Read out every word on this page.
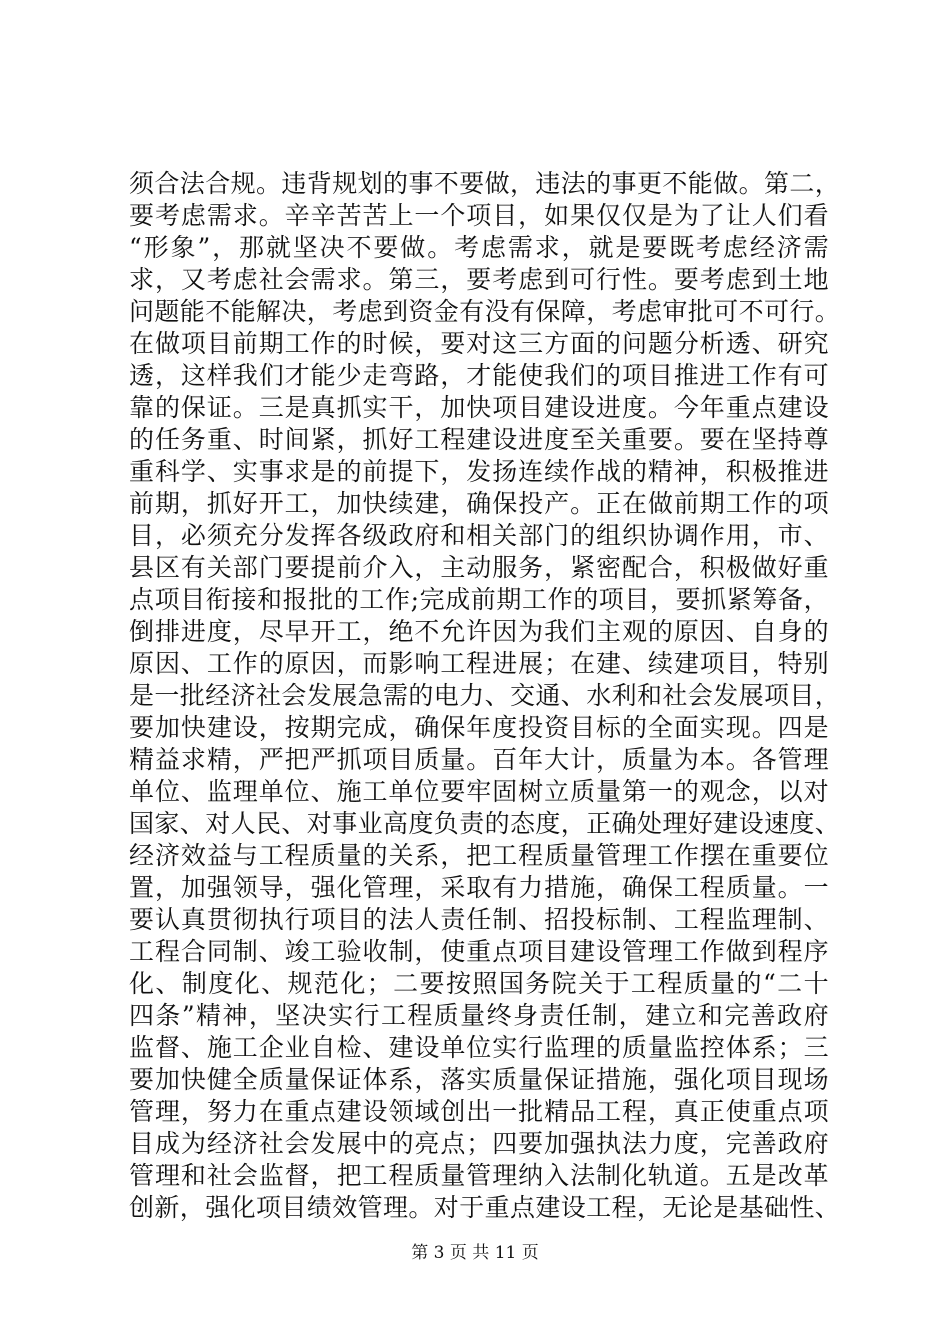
须合法合规。违背规划的事不要做，违法的事更不能做。第二，
要考虑需求。辛辛苦苦上一个项目，如果仅仅是为了让人们看
“形象”，那就坚决不要做。考虑需求，就是要既考虑经济需
求，又考虑社会需求。第三，要考虑到可行性。要考虑到土地
问题能不能解决，考虑到资金有没有保障，考虑审批可不可行。
在做项目前期工作的时候，要对这三方面的问题分析透、研究
透，这样我们才能少走弯路，才能使我们的项目推进工作有可
靠的保证。三是真抓实干，加快项目建设进度。今年重点建设
的任务重、时间紧，抓好工程建设进度至关重要。要在坚持尊
重科学、实事求是的前提下，发扬连续作战的精神，积极推进
前期，抓好开工，加快续建，确保投产。正在做前期工作的项
目，必须充分发挥各级政府和相关部门的组织协调作用，市、
县区有关部门要提前介入，主动服务，紧密配合，积极做好重
点项目衔接和报批的工作;完成前期工作的项目，要抓紧筹备，
倒排进度，尽早开工，绝不允许因为我们主观的原因、自身的
原因、工作的原因，而影响工程进展；在建、续建项目，特别
是一批经济社会发展急需的电力、交通、水利和社会发展项目，
要加快建设，按期完成，确保年度投资目标的全面实现。四是
精益求精，严把严抓项目质量。百年大计，质量为本。各管理
单位、监理单位、施工单位要牢固树立质量第一的观念，以对
国家、对人民、对事业高度负责的态度，正确处理好建设速度、
经济效益与工程质量的关系，把工程质量管理工作摆在重要位
置，加强领导，强化管理，采取有力措施，确保工程质量。一
要认真贯彻执行项目的法人责任制、招投标制、工程监理制、
工程合同制、竣工验收制，使重点项目建设管理工作做到程序
化、制度化、规范化；二要按照国务院关于工程质量的“二十
四条”精神，坚决实行工程质量终身责任制，建立和完善政府
监督、施工企业自检、建设单位实行监理的质量监控体系；三
要加快健全质量保证体系，落实质量保证措施，强化项目现场
管理，努力在重点建设领域创出一批精品工程，真正使重点项
目成为经济社会发展中的亮点；四要加强执法力度，完善政府
管理和社会监督，把工程质量管理纳入法制化轨道。五是改革
创新，强化项目绩效管理。对于重点建设工程，无论是基础性、
第 3 页 共 11 页
